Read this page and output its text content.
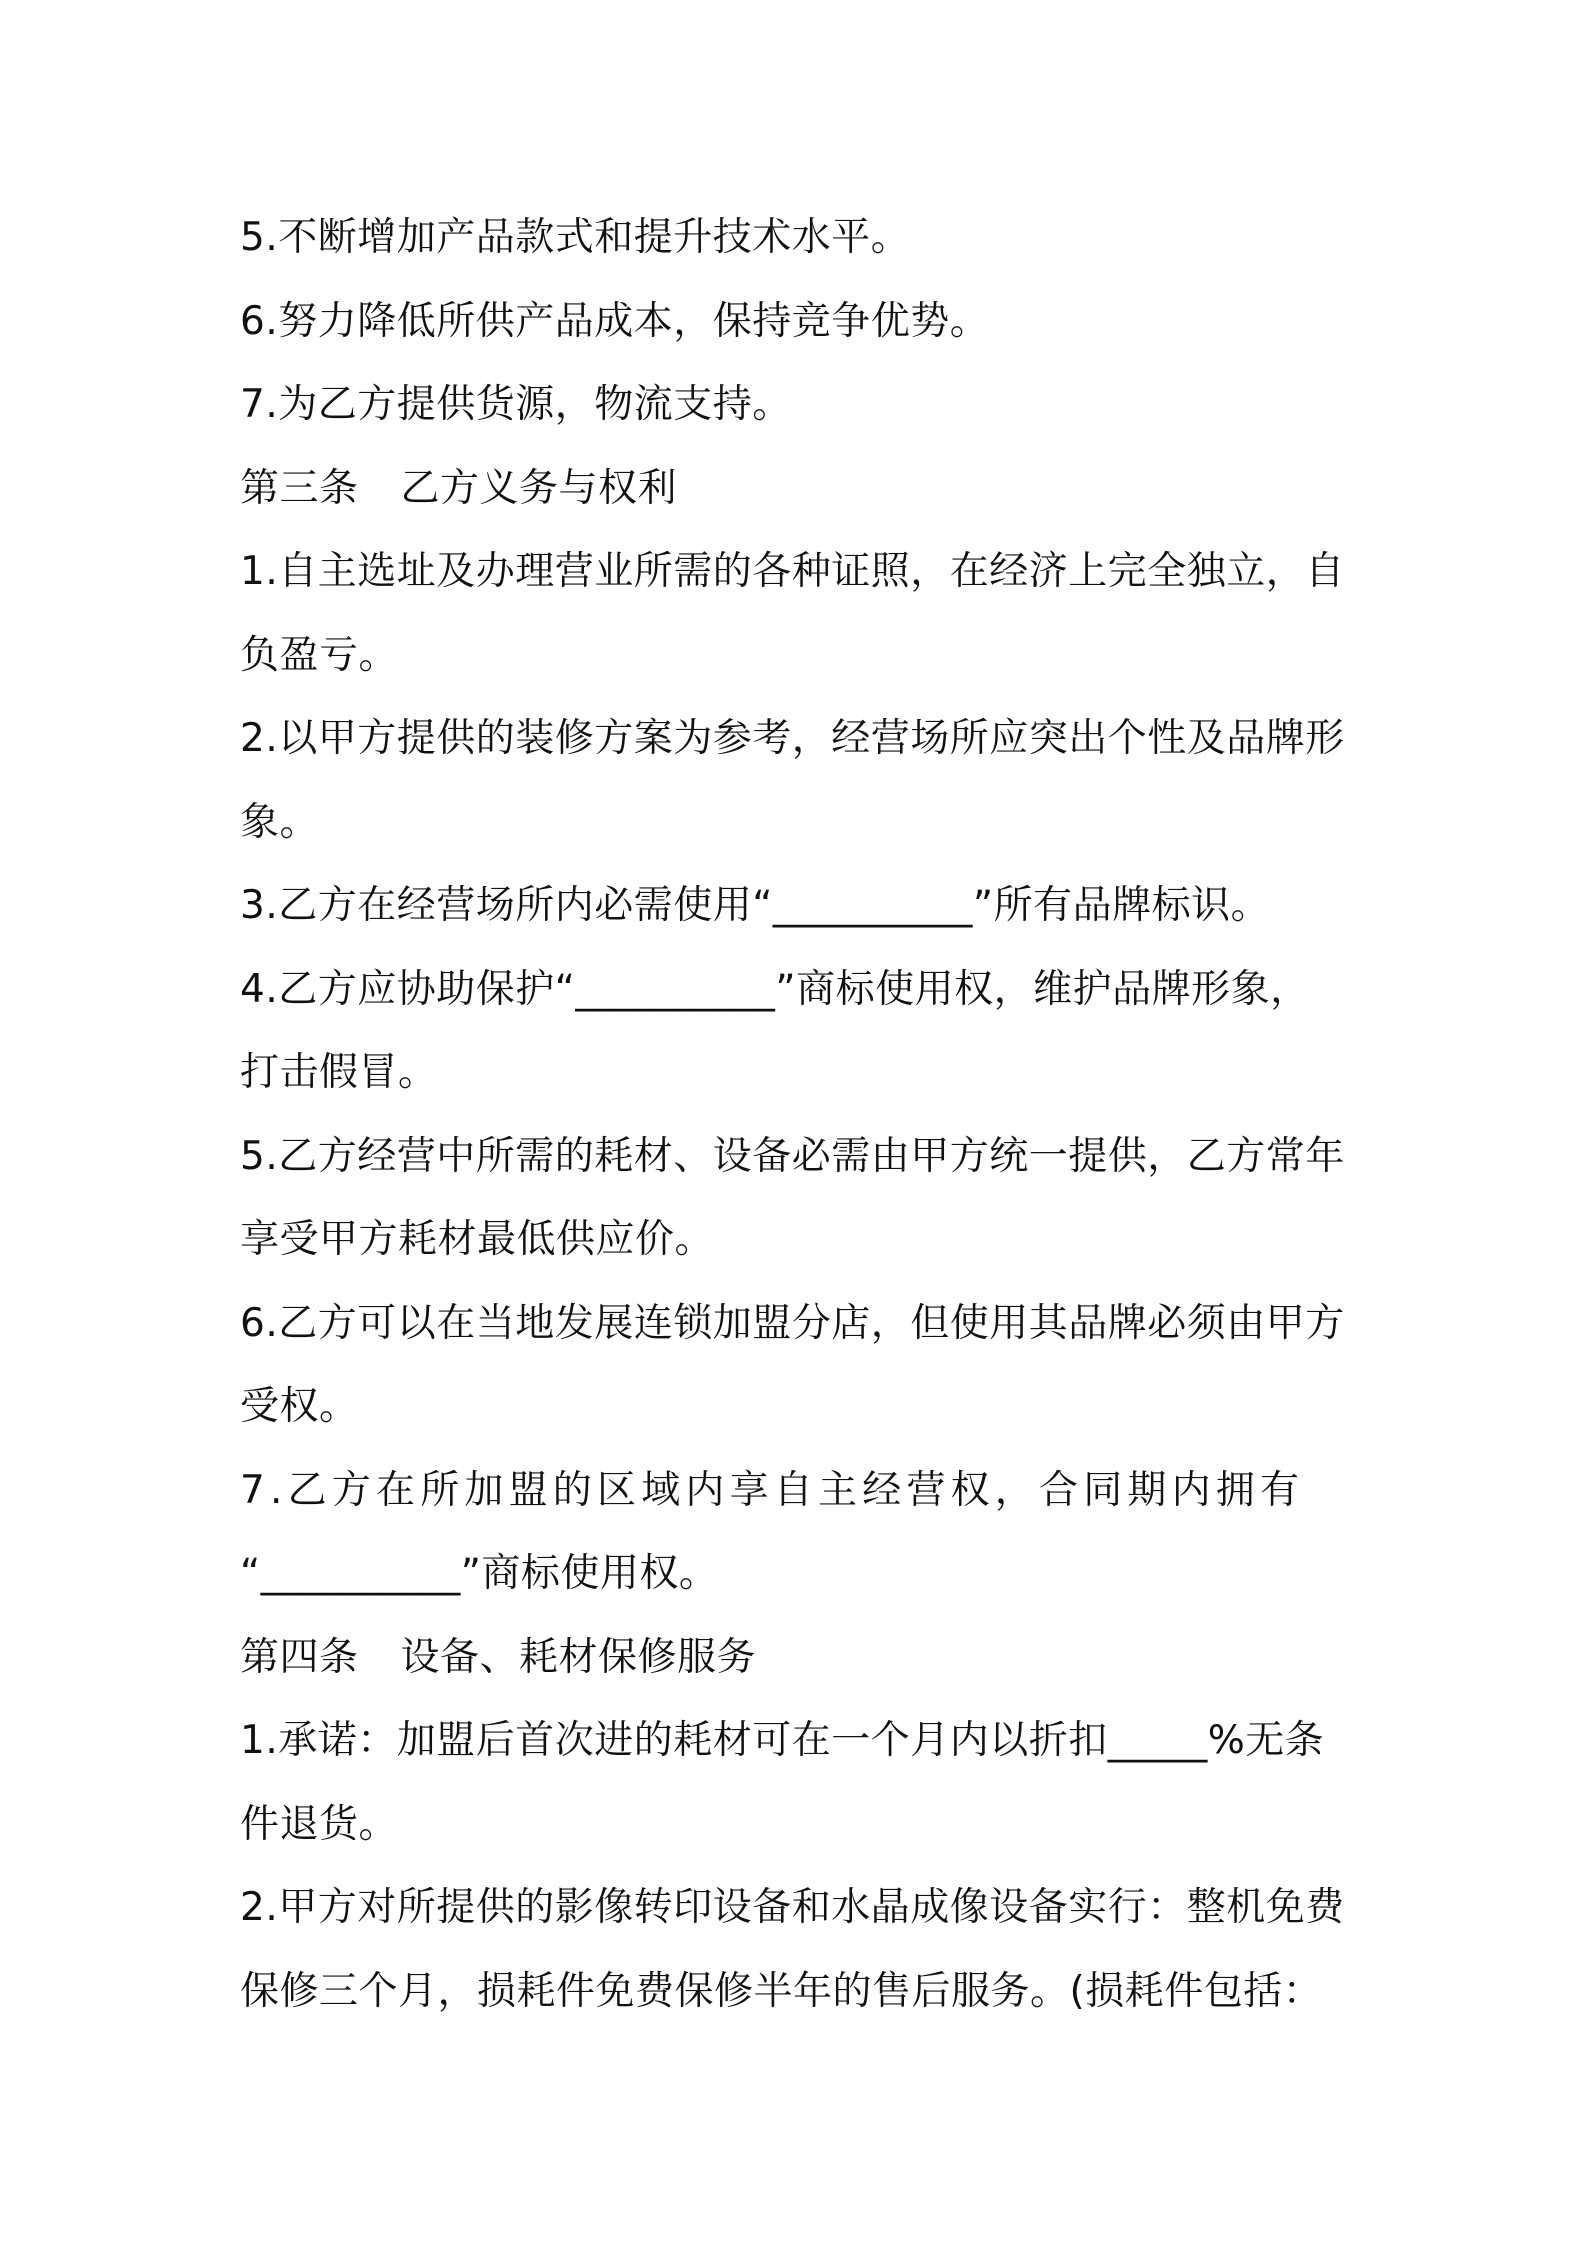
5.不断增加产品款式和提升技术水平。
6.努力降低所供产品成本，保持竞争优势。
7.为乙方提供货源，物流支持。
第三条 乙方义务与权利
1.自主选址及办理营业所需的各种证照，在经济上完全独立，自
负盈亏。
2.以甲方提供的装修方案为参考，经营场所应突出个性及品牌形
象。
3.乙方在经营场所内必需使用“__________”所有品牌标识。
4.乙方应协助保护“__________”商标使用权，维护品牌形象，
打击假冒。
5.乙方经营中所需的耗材、设备必需由甲方统一提供，乙方常年
享受甲方耗材最低供应价。
6.乙方可以在当地发展连锁加盟分店，但使用其品牌必须由甲方
受权。
7.乙方在所加盟的区域内享自主经营权，合同期内拥有
“__________”商标使用权。
第四条 设备、耗材保修服务
1.承诺：加盟后首次进的耗材可在一个月内以折扣_____%无条
件退货。
2.甲方对所提供的影像转印设备和水晶成像设备实行：整机免费
保修三个月，损耗件免费保修半年的售后服务。(损耗件包括：
